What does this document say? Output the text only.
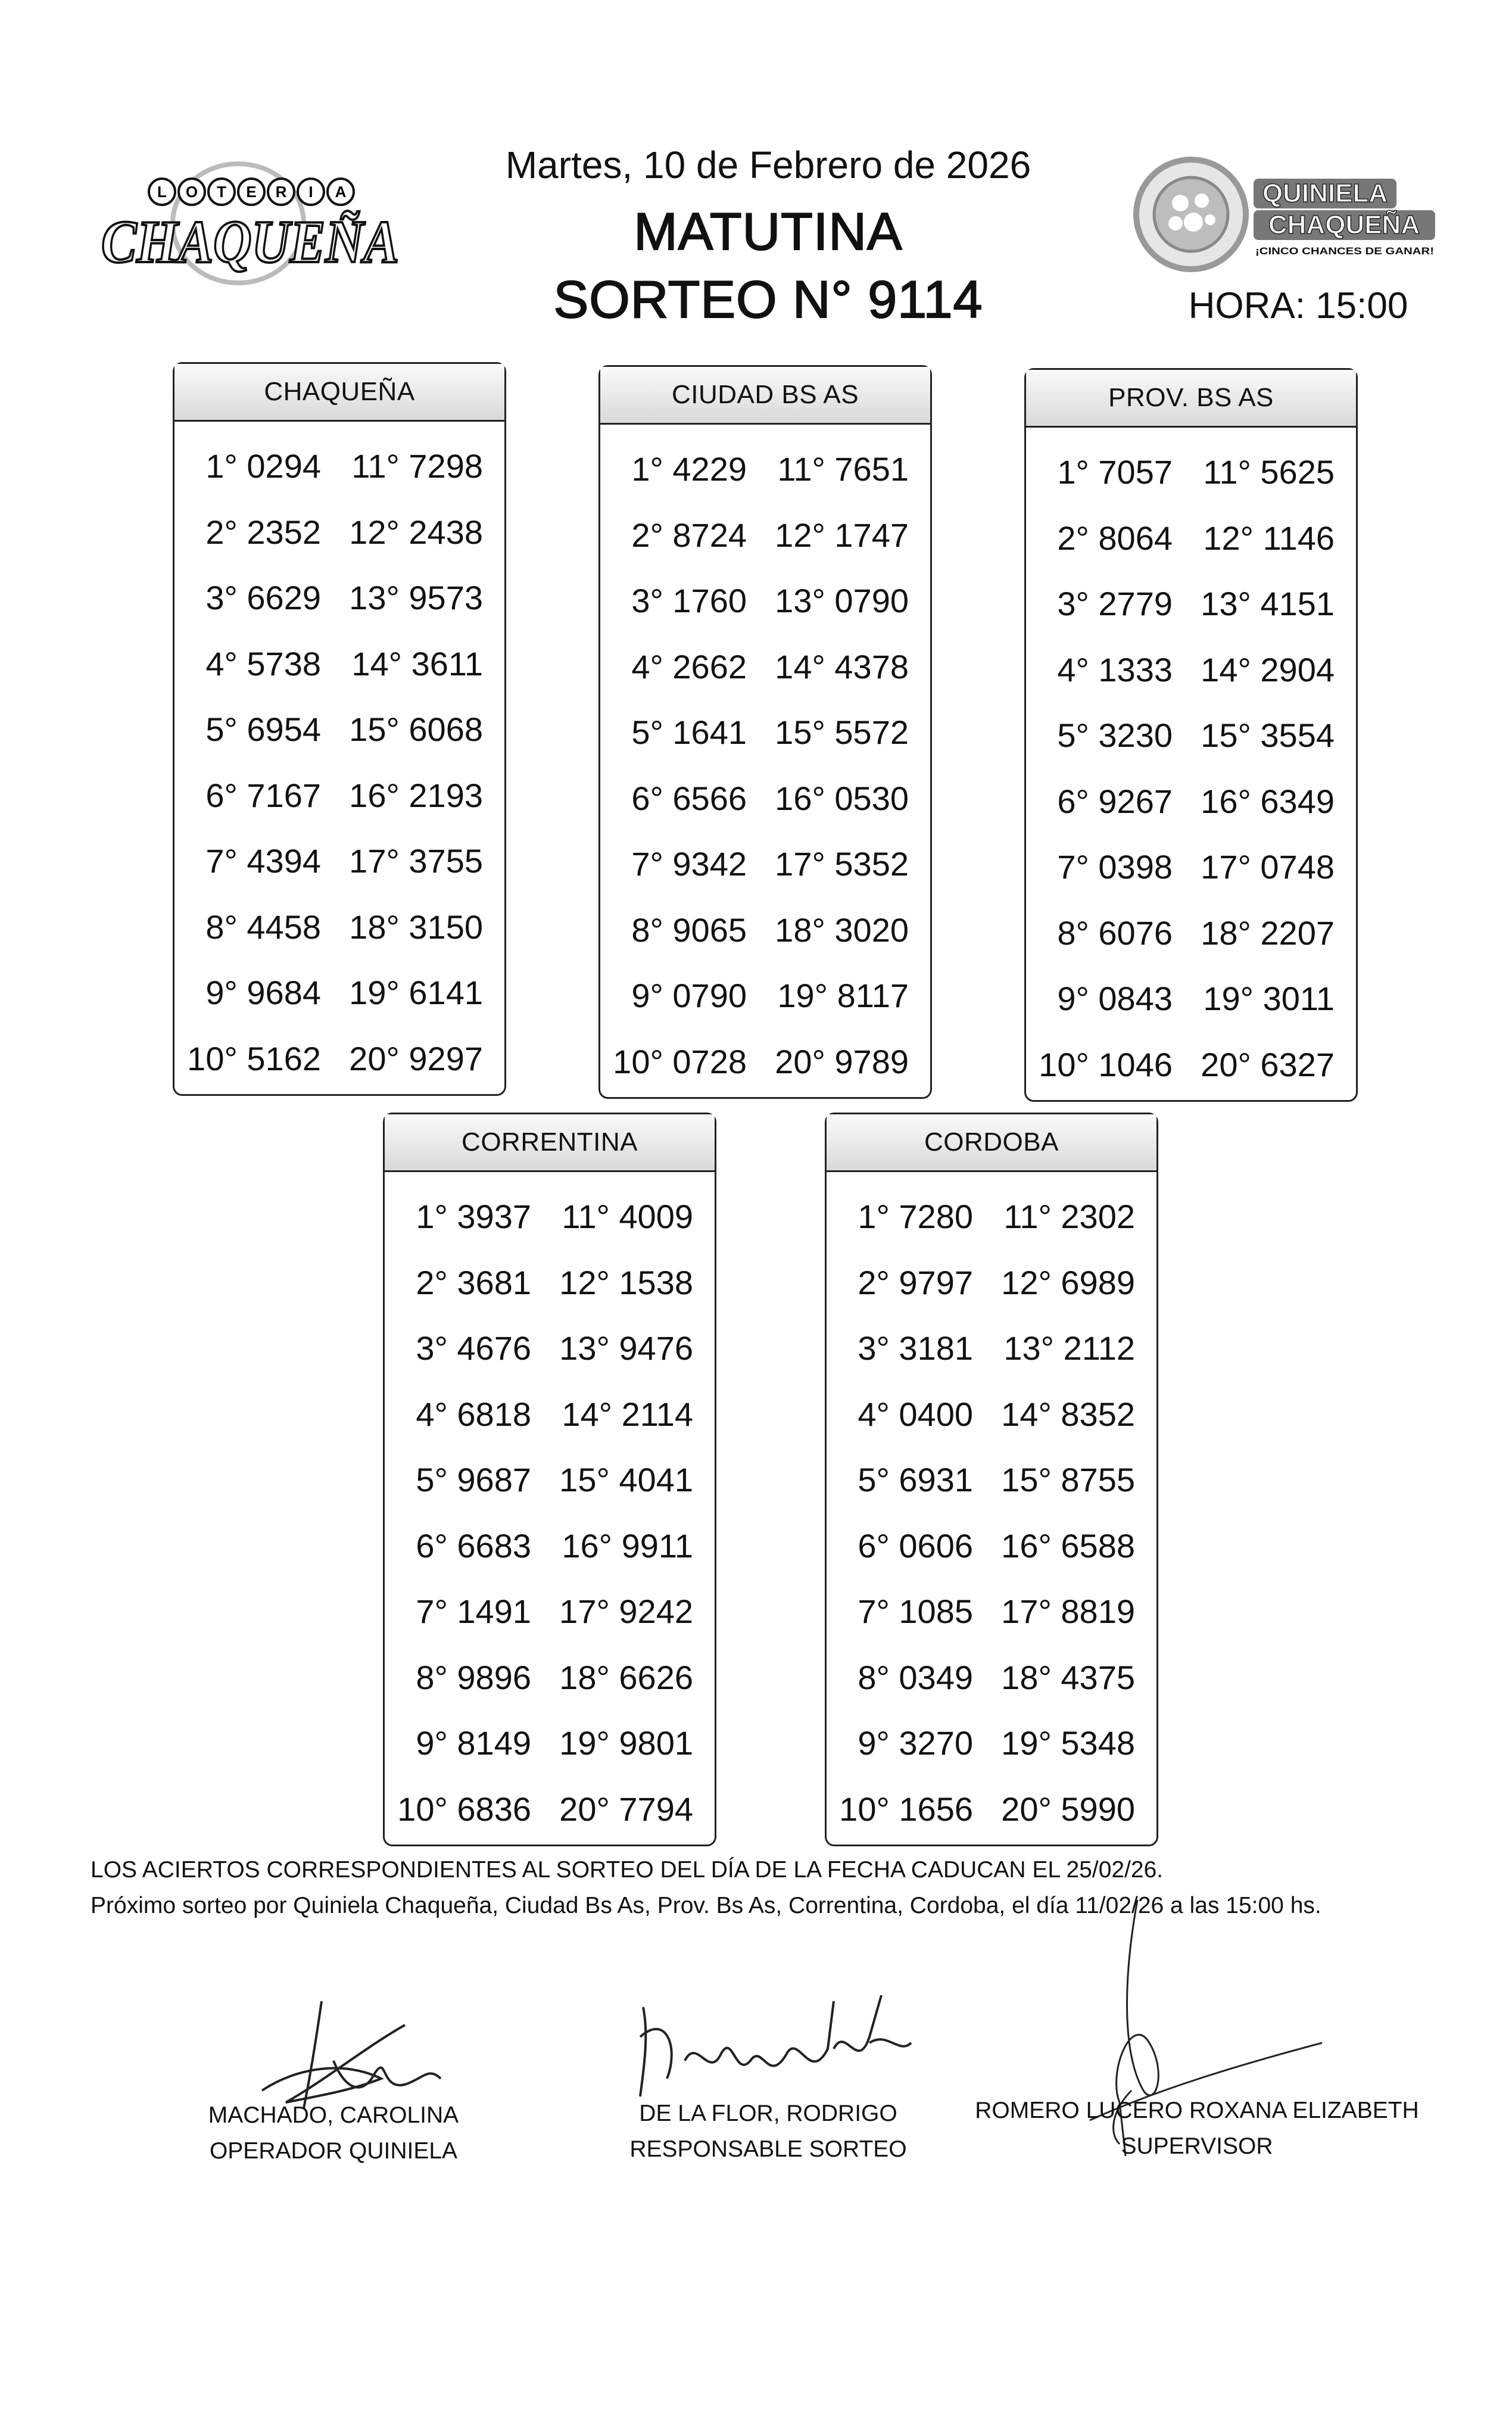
L O T E R I A
CHAQUEÑA
QUINIELA
CHAQUEÑA
¡CINCO CHANCES DE GANAR!
Martes, 10 de Febrero de 2026
MATUTINA
SORTEO N° 9114	HORA: 15:00
CHAQUEÑA
1° 0294 11° 7298
2° 2352 12° 2438
3° 6629 13° 9573
4° 5738 14° 3611
5° 6954 15° 6068
6° 7167 16° 2193
7° 4394 17° 3755
8° 4458 18° 3150
9° 9684 19° 6141
10° 5162 20° 9297
CIUDAD BS AS
1° 4229 11° 7651
2° 8724 12° 1747
3° 1760 13° 0790
4° 2662 14° 4378
5° 1641 15° 5572
6° 6566 16° 0530
7° 9342 17° 5352
8° 9065 18° 3020
9° 0790 19° 8117
10° 0728 20° 9789
PROV. BS AS
1° 7057 11° 5625
2° 8064 12° 1146
3° 2779 13° 4151
4° 1333 14° 2904
5° 3230 15° 3554
6° 9267 16° 6349
7° 0398 17° 0748
8° 6076 18° 2207
9° 0843 19° 3011
10° 1046 20° 6327
CORRENTINA
1° 3937 11° 4009
2° 3681 12° 1538
3° 4676 13° 9476
4° 6818 14° 2114
5° 9687 15° 4041
6° 6683 16° 9911
7° 1491 17° 9242
8° 9896 18° 6626
9° 8149 19° 9801
10° 6836 20° 7794
CORDOBA
1° 7280 11° 2302
2° 9797 12° 6989
3° 3181 13° 2112
4° 0400 14° 8352
5° 6931 15° 8755
6° 0606 16° 6588
7° 1085 17° 8819
8° 0349 18° 4375
9° 3270 19° 5348
10° 1656 20° 5990
LOS ACIERTOS CORRESPONDIENTES AL SORTEO DEL DÍA DE LA FECHA CADUCAN EL 25/02/26.
Próximo sorteo por Quiniela Chaqueña, Ciudad Bs As, Prov. Bs As, Correntina, Cordoba, el día 11/02/26 a las 15:00 hs.
MACHADO, CAROLINA
OPERADOR QUINIELA
DE LA FLOR, RODRIGO
RESPONSABLE SORTEO
ROMERO LUCERO ROXANA ELIZABETH
SUPERVISOR
